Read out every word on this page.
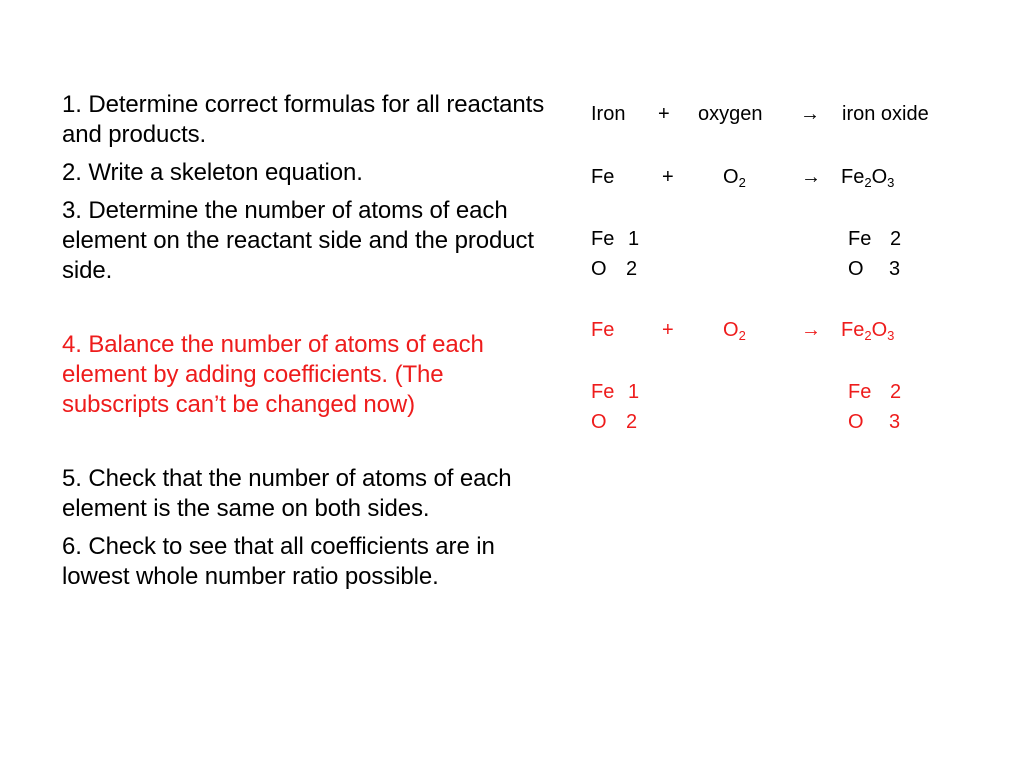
1. Determine correct formulas for all reactants and products.

2. Write a skeleton equation.

3. Determine the number of atoms of each element on the reactant side and the product side.

4. Balance the number of atoms of each element by adding coefficients. (The subscripts can’t be changed now)

5. Check that the number of atoms of each element is the same on both sides.

6. Check to see that all coefficients are in lowest whole number ratio possible.

Iron + oxygen → iron oxide
$Fe + O_2$	→ $Fe_2O_3$
Fe 1	Fe 2
O 2	O 3
$Fe + O_2$	→ $Fe_2O_3$
Fe 1	Fe 2
O 2	O 3
